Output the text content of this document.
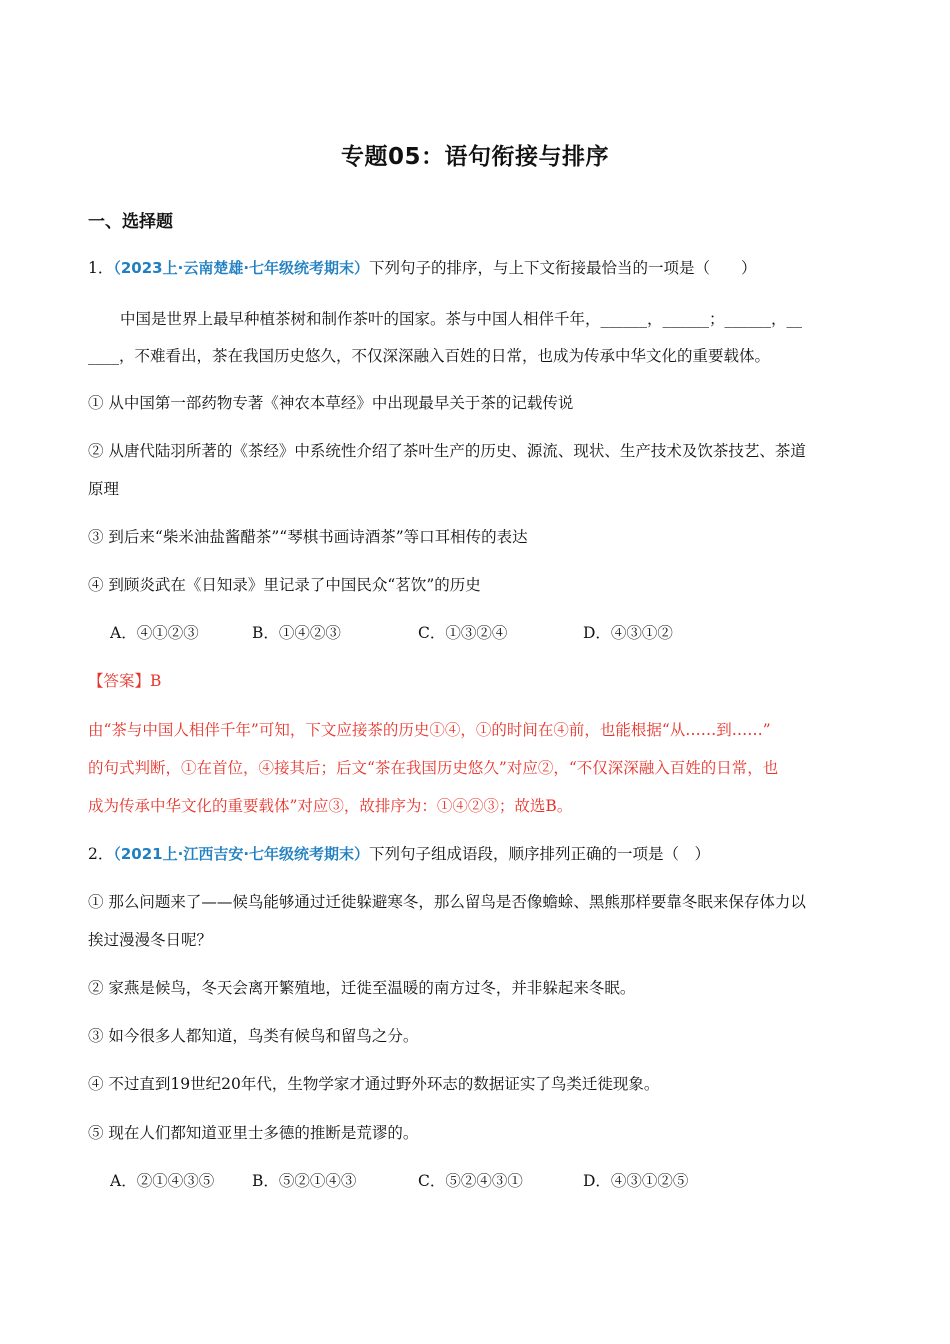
专题05：语句衔接与排序
一、选择题
1．（2023上·云南楚雄·七年级统考期末）下列句子的排序，与上下文衔接最恰当的一项是（　　）
中国是世界上最早种植茶树和制作茶叶的国家。茶与中国人相伴千年，______，______；______，__
____，不难看出，茶在我国历史悠久，不仅深深融入百姓的日常，也成为传承中华文化的重要载体。
① 从中国第一部药物专著《神农本草经》中出现最早关于茶的记载传说
② 从唐代陆羽所著的《茶经》中系统性介绍了茶叶生产的历史、源流、现状、生产技术及饮茶技艺、茶道
原理
③ 到后来“柴米油盐酱醋茶”“琴棋书画诗酒茶”等口耳相传的表达
④ 到顾炎武在《日知录》里记录了中国民众“茗饮”的历史
A．④①②③	B．①④②③	C．①③②④	D．④③①②
【答案】B
由“茶与中国人相伴千年”可知，下文应接茶的历史①④，①的时间在④前，也能根据“从……到……”
的句式判断，①在首位，④接其后；后文“茶在我国历史悠久”对应②，“不仅深深融入百姓的日常，也
成为传承中华文化的重要载体”对应③，故排序为：①④②③；故选B。
2．（2021上·江西吉安·七年级统考期末）下列句子组成语段，顺序排列正确的一项是（　）
① 那么问题来了——候鸟能够通过迁徙躲避寒冬，那么留鸟是否像蟾蜍、黑熊那样要靠冬眠来保存体力以
挨过漫漫冬日呢？
② 家燕是候鸟，冬天会离开繁殖地，迁徙至温暖的南方过冬，并非躲起来冬眠。
③ 如今很多人都知道，鸟类有候鸟和留鸟之分。
④ 不过直到19世纪20年代，生物学家才通过野外环志的数据证实了鸟类迁徙现象。
⑤ 现在人们都知道亚里士多德的推断是荒谬的。
A．②①④③⑤ B．⑤②①④③	C．⑤②④③①	D．④③①②⑤
